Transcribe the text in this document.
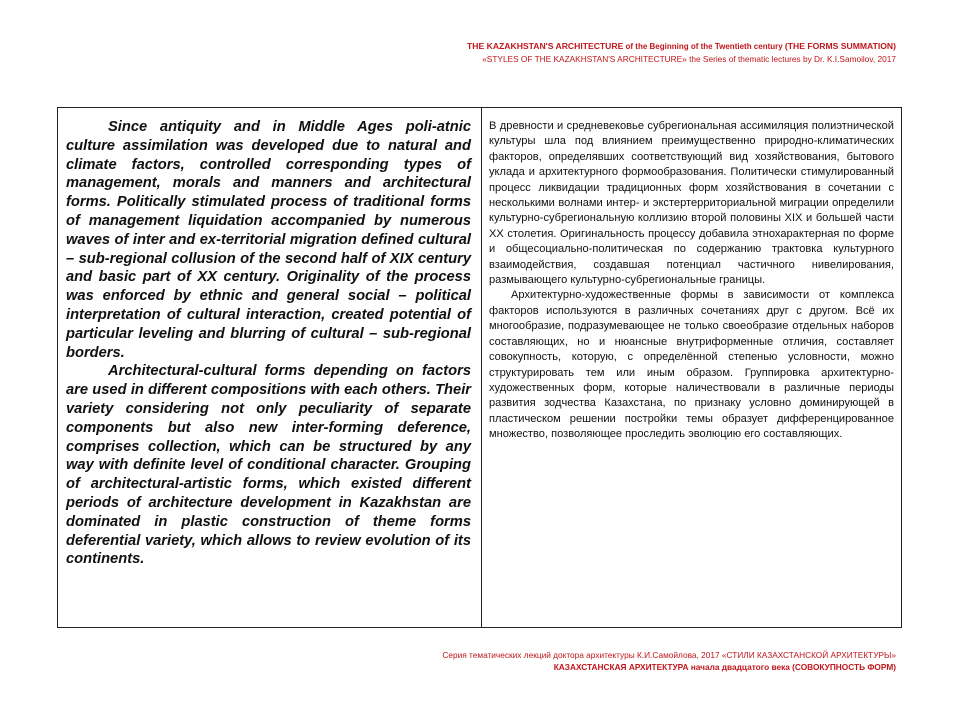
THE KAZAKHSTAN'S ARCHITECTURE of the Beginning of the Twentieth century (THE FORMS SUMMATION)
«STYLES OF THE KAZAKHSTAN'S ARCHITECTURE» the Series of thematic lectures by Dr. K.I.Samoilov, 2017

Since antiquity and in Middle Ages poli-atnic culture assimilation was developed due to natural and climate factors, controlled corresponding types of management, morals and manners and architectural forms. Politically stimulated process of traditional forms of management liquidation accompanied by numerous waves of inter and ex-territorial migration defined cultural – sub-regional collusion of the second half of XIX century and basic part of XX century. Originality of the process was enforced by ethnic and general social – political interpretation of cultural interaction, created potential of particular leveling and blurring of cultural – sub-regional borders.

Architectural-cultural forms depending on factors are used in different compositions with each others. Their variety considering not only peculiarity of separate components but also new inter-forming deference, comprises collection, which can be structured by any way with definite level of conditional character. Grouping of architectural-artistic forms, which existed different periods of architecture development in Kazakhstan are dominated in plastic construction of theme forms deferential variety, which allows to review evolution of its continents.

В древности и средневековье субрегиональная ассимиляция полиэтнической культуры шла под влиянием преимущественно природно-климатических факторов, определявших соответствующий вид хозяйствования, бытового уклада и архитектурного формообразования. Политически стимулированный процесс ликвидации традиционных форм хозяйствования в сочетании с несколькими волнами интер- и экстертерриториальной миграции определили культурно-субрегиональную коллизию второй половины XIX и большей части XX столетия. Оригинальность процессу добавила этнохарактерная по форме и общесоциально-политическая по содержанию трактовка культурного взаимодействия, создавшая потенциал частичного нивелирования, размывающего культурно-субрегиональные границы.

Архитектурно-художественные формы в зависимости от комплекса факторов используются в различных сочетаниях друг с другом. Всё их многообразие, подразумевающее не только своеобразие отдельных наборов составляющих, но и нюансные внутриформенные отличия, составляет совокупность, которую, с определённой степенью условности, можно структурировать тем или иным образом. Группировка архитектурно-художественных форм, которые наличествовали в различные периоды развития зодчества Казахстана, по признаку условно доминирующей в пластическом решении постройки темы образует дифференцированное множество, позволяющее проследить эволюцию его составляющих.

Серия тематических лекций доктора архитектуры К.И.Самойлова, 2017 «СТИЛИ КАЗАХСТАНСКОЙ АРХИТЕКТУРЫ»
КАЗАХСТАНСКАЯ АРХИТЕКТУРА начала двадцатого века (СОВОКУПНОСТЬ ФОРМ)
